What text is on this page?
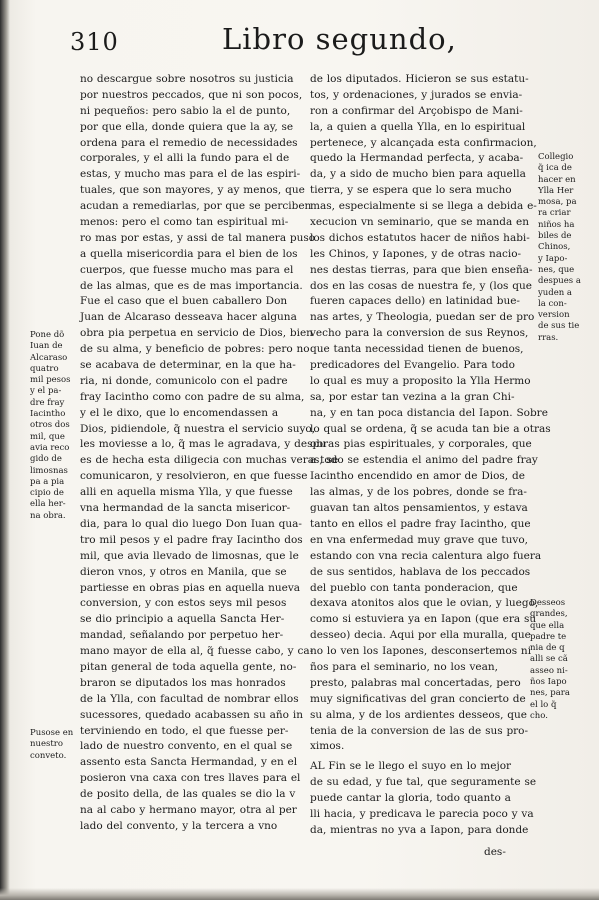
310	Libro segundo,
no descargue sobre nosotros su justicia
por nuestros peccados, que ni son pocos,
ni pequeños: pero sabio la el de punto,
por que ella, donde quiera que la ay, se
ordena para el remedio de necessidades
corporales, y el alli la fundo para el de
estas, y mucho mas para el de las espiri-
tuales, que son mayores, y ay menos, que
acudan a remediarlas, por que se perciben
menos: pero el como tan espiritual mi-
ro mas por estas, y assi de tal manera puso
a quella misericordia para el bien de los
cuerpos, que fuesse mucho mas para el
de las almas, que es de mas importancia.
Fue el caso que el buen caballero Don
Juan de Alcaraso desseava hacer alguna
obra pia perpetua en servicio de Dios, bien
de su alma, y beneficio de pobres: pero no
se acabava de determinar, en la que ha-
ria, ni donde, comunicolo con el padre
fray Iacintho como con padre de su alma,
y el le dixo, que lo encomendassen a
Dios, pidiendole, q̃ nuestra el servicio suyo,
les moviesse a lo, q̃ mas le agradava, y despu
es de hecha esta diligecia con muchas veras, se
comunicaron, y resolvieron, en que fuesse
alli en aquella misma Ylla, y que fuesse
vna hermandad de la sancta misericor-
dia, para lo qual dio luego Don Iuan qua-
tro mil pesos y el padre fray Iacintho dos
mil, que avia llevado de limosnas, que le
dieron vnos, y otros en Manila, que se
partiesse en obras pias en aquella nueva
conversion, y con estos seys mil pesos
se dio principio a aquella Sancta Her-
mandad, señalando por perpetuo her-
mano mayor de ella al, q̃ fuesse cabo, y ca-
pitan general de toda aquella gente, no-
braron se diputados los mas honrados
de la Ylla, con facultad de nombrar ellos
sucessores, quedado acabassen su año in
terviniendo en todo, el que fuesse per-
lado de nuestro convento, en el qual se
assento esta Sancta Hermandad, y en el
posieron vna caxa con tres llaves para el
de posito della, de las quales se dio la v
na al cabo y hermano mayor, otra al per
lado del convento, y la tercera a vno
de los diputados. Hicieron se sus estatu-
tos, y ordenaciones, y jurados se envia-
ron a confirmar del Arçobispo de Mani-
la, a quien a quella Ylla, en lo espiritual
pertenece, y alcançada esta confirmacion,
quedo la Hermandad perfecta, y acaba-
da, y a sido de mucho bien para aquella
tierra, y se espera que lo sera mucho
mas, especialmente si se llega a debida e-
xecucion vn seminario, que se manda en
los dichos estatutos hacer de niños habi-
les Chinos, y Iapones, y de otras nacio-
nes destas tierras, para que bien enseña-
dos en las cosas de nuestra fe, y (los que
fueren capaces dello) en latinidad bue-
nas artes, y Theologia, puedan ser de pro
vecho para la conversion de sus Reynos,
que tanta necessidad tienen de buenos,
predicadores del Evangelio. Para todo
lo qual es muy a proposito la Ylla Hermo
sa, por estar tan vezina a la gran Chi-
na, y en tan poca distancia del Iapon. Sobre
lo qual se ordena, q̃ se acuda tan bie a otras
obras pias espirituales, y corporales, que
a todo se estendia el animo del padre fray
Iacintho encendido en amor de Dios, de
las almas, y de los pobres, donde se fra-
guavan tan altos pensamientos, y estava
tanto en ellos el padre fray Iacintho, que
en vna enfermedad muy grave que tuvo,
estando con vna recia calentura algo fuera
de sus sentidos, hablava de los peccados
del pueblo con tanta ponderacion, que
dexava atonitos alos que le ovian, y luego,
como si estuviera ya en Iapon (que era su
desseo) decia. Aqui por ella muralla, que
no lo ven los Iapones, desconsertemos ni
ños para el seminario, no los vean,
presto, palabras mal concertadas, pero
muy significativas del gran concierto de
su alma, y de los ardientes desseos, que
tenia de la conversion de las de sus pro-
ximos.
AL Fin se le llego el suyo en lo mejor
de su edad, y fue tal, que seguramente se
puede cantar la gloria, todo quanto a
lli hacia, y predicava le parecia poco y va
da, mientras no yva a Iapon, para donde
Pone dõ
Iuan de
Alcaraso
quatro
mil pesos
y el pa-
dre fray
Iacintho
otros dos
mil, que
avia reco
gido de
limosnas
pa a pia
cipio de
ella her-
na obra.
Pusose en
nuestro
conveto.
Collegio
q̃ ica de
hacer en
Ylla Her
mosa, pa
ra criar
niños ha
biles de
Chinos,
y Iapo-
nes, que
despues a
yuden a
la con-
version
de sus tie
rras.
Desseos
grandes,
que ella
padre te
nia de q
alli se cã
asseo ni-
ños Iapo
nes, para
el lo q̃
cho.
des-
